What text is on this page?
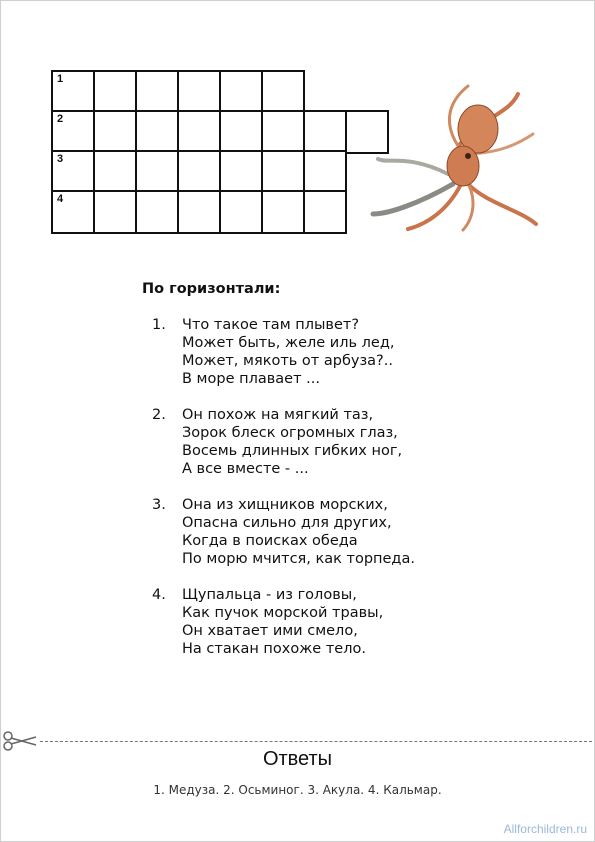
1
2
3
4
По горизонтали:
1.	Что такое там плывет?
Может быть, желе иль лед,
Может, мякоть от арбуза?..
В море плавает ...
2.	Он похож на мягкий таз,
Зорок блеск огромных глаз,
Восемь длинных гибких ног,
А все вместе - ...
3.	Она из хищников морских,
Опасна сильно для других,
Когда в поисках обеда
По морю мчится, как торпеда.
4.	Щупальца - из головы,
Как пучок морской травы,
Он хватает ими смело,
На стакан похоже тело.
Ответы
1. Медуза. 2. Осьминог. 3. Акула. 4. Кальмар.
Allforchildren.ru
